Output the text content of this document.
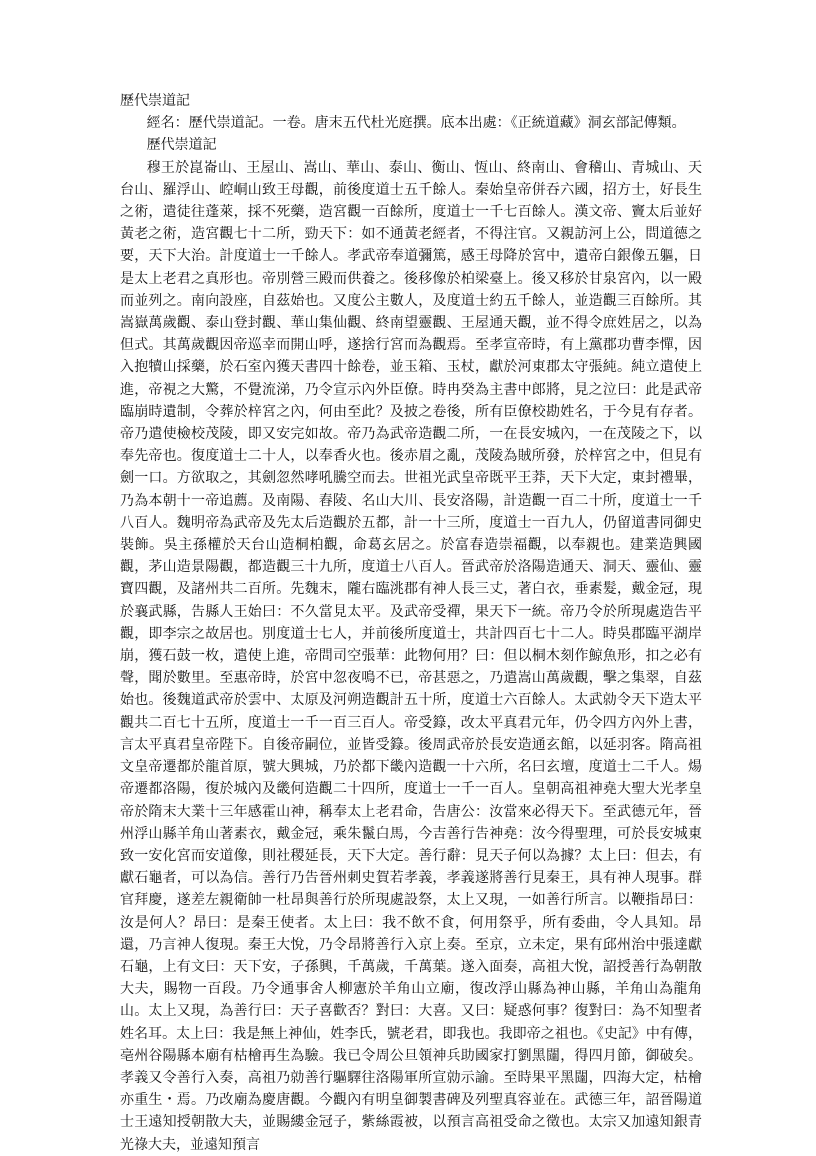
歷代崇道記

經名：歷代崇道記。一卷。唐末五代杜光庭撰。底本出處：《正統道藏》洞玄部記傳類。

歷代崇道記

穆王於崑崙山、王屋山、嵩山、華山、泰山、衡山、恆山、終南山、會稽山、青城山、天台山、羅浮山、崆峒山致王母觀，前後度道士五千餘人。秦始皇帝併吞六國，招方士，好長生之術，遣徒往蓬萊，採不死藥，造宮觀一百餘所，度道士一千七百餘人。漢文帝、竇太后並好黃老之術，造宮觀七十二所，勁天下：如不通黃老經者，不得注官。又親訪河上公，問道德之要，天下大治。計度道士一千餘人。孝武帝奉道彌篤，感王母降於宮中，遺帝白銀像五軀，日是太上老君之真形也。帝別營三殿而供養之。後移像於柏梁臺上。後又移於甘泉宮內，以一殿而並列之。南向設座，自茲始也。又度公主數人，及度道士約五千餘人，並造觀三百餘所。其嵩嶽萬歲觀、泰山登封觀、華山集仙觀、終南望靈觀、王屋通天觀，並不得令庶姓居之，以為但式。其萬歲觀因帝巡幸而開山呼，遂捨行宮而為觀焉。至孝宣帝時，有上黨郡功曹李憚，因入抱犢山採藥，於石室內獲天書四十餘卷，並玉箱、玉杖，獻於河東郡太守張純。純立遣使上進，帝視之大驚，不覺流涕，乃令宣示內外臣僚。時冉癸為主書中郎將，見之泣曰：此是武帝臨崩時遺制，令葬於梓宮之內，何由至此？及披之卷後，所有臣僚校勘姓名，于今見有存者。帝乃遣使檢校茂陵，即又安完如故。帝乃為武帝造觀二所，一在長安城內，一在茂陵之下，以奉先帝也。復度道士二十人，以奉香火也。後赤眉之亂，茂陵為賊所發，於梓宮之中，但見有劍一口。方欲取之，其劍忽然哮吼騰空而去。世祖光武皇帝既平王莽，天下大定，東封禮畢，乃為本朝十一帝追薦。及南陽、舂陵、名山大川、長安洛陽，計造觀一百二十所，度道士一千八百人。魏明帝為武帝及先太后造觀於五都，計一十三所，度道士一百九人，仍留道書同御史裝飾。吳主孫權於天台山造桐柏觀，命葛玄居之。於富春造崇福觀，以奉親也。建業造興國觀，茅山造景陽觀，都造觀三十九所，度道士八百人。晉武帝於洛陽造通天、洞天、靈仙、靈寶四觀，及諸州共二百所。先魏末，隴右臨洮郡有神人長三丈，著白衣，垂素髮，戴金冠，現於襄武縣，告縣人王始曰：不久當見太平。及武帝受禪，果天下一統。帝乃令於所現處造告平觀，即李宗之故居也。別度道士七人，并前後所度道士，共計四百七十二人。時吳郡臨平湖岸崩，獲石鼓一枚，遣使上進，帝問司空張華：此物何用？曰：但以桐木刻作鯨魚形，扣之必有聲，聞於數里。至惠帝時，於宮中忽夜鳴不已，帝甚惡之，乃遣嵩山萬歲觀，擊之集翠，自茲始也。後魏道武帝於雲中、太原及河朔造觀計五十所，度道士六百餘人。太武勍令天下造太平觀共二百七十五所，度道士一千一百三百人。帝受籙，改太平真君元年，仍令四方內外上書，言太平真君皇帝陛下。自後帝嗣位，並皆受籙。後周武帝於長安造通玄館，以延羽客。隋高祖文皇帝遷都於龍首原，號大興城，乃於都下畿內造觀一十六所，名曰玄壇，度道士二千人。煬帝遷都洛陽，復於城內及畿何造觀二十四所，度道士一千一百人。皇朝高祖神堯大聖大光孝皇帝於隋末大業十三年感霍山神，稱奉太上老君命，告唐公：汝當來必得天下。至武德元年，晉州浮山縣羊角山著素衣，戴金冠，乘朱鬣白馬，今吉善行告神堯：汝今得聖理，可於長安城東致一安化宮而安道像，則社稷延長，天下大定。善行辭：見天子何以為據？太上曰：但去，有獻石龜者，可以為信。善行乃告晉州刺史賀若孝義，孝義遂將善行見秦王，具有神人現事。群官拜慶，遂差左親衛帥一杜昂與善行於所現處設祭，太上又現，一如善行所言。以鞭指昂曰：汝是何人？昂曰：是秦王使者。太上曰：我不飲不食，何用祭乎，所有委曲，令人具知。昂還，乃言神人復現。秦王大悅，乃令昂將善行入京上奏。至京，立未定，果有邱州治中張達獻石龜，上有文曰：天下安，子孫興，千萬歲，千萬葉。遂入面奏，高祖大悅，詔授善行為朝散大夫，賜物一百段。乃令通事舍人柳憲於羊角山立廟，復改浮山縣為神山縣，羊角山為龍角山。太上又現，為善行曰：天子喜歡否？對曰：大喜。又曰：疑惑何事？復對曰：為不知聖者姓名耳。太上曰：我是無上神仙，姓李氏，號老君，即我也。我即帝之祖也。《史記》中有傳，亳州谷陽縣本廟有枯檜再生為驗。我已令周公旦領神兵助國家打劉黑闥，得四月節，御破矣。孝義又令善行入奏，高祖乃勍善行驅驛往洛陽軍所宣勍示諭。至時果平黑闥，四海大定，枯檜亦重生・焉。乃改廟為慶唐觀。今觀內有明皇御製書碑及列聖真容並在。武德三年，詔晉陽道士王遠知授朝散大夫，並賜縷金冠子，紫絲霞被，以預言高祖受命之徵也。太宗又加遠知銀青光祿大夫，並遠知預言
